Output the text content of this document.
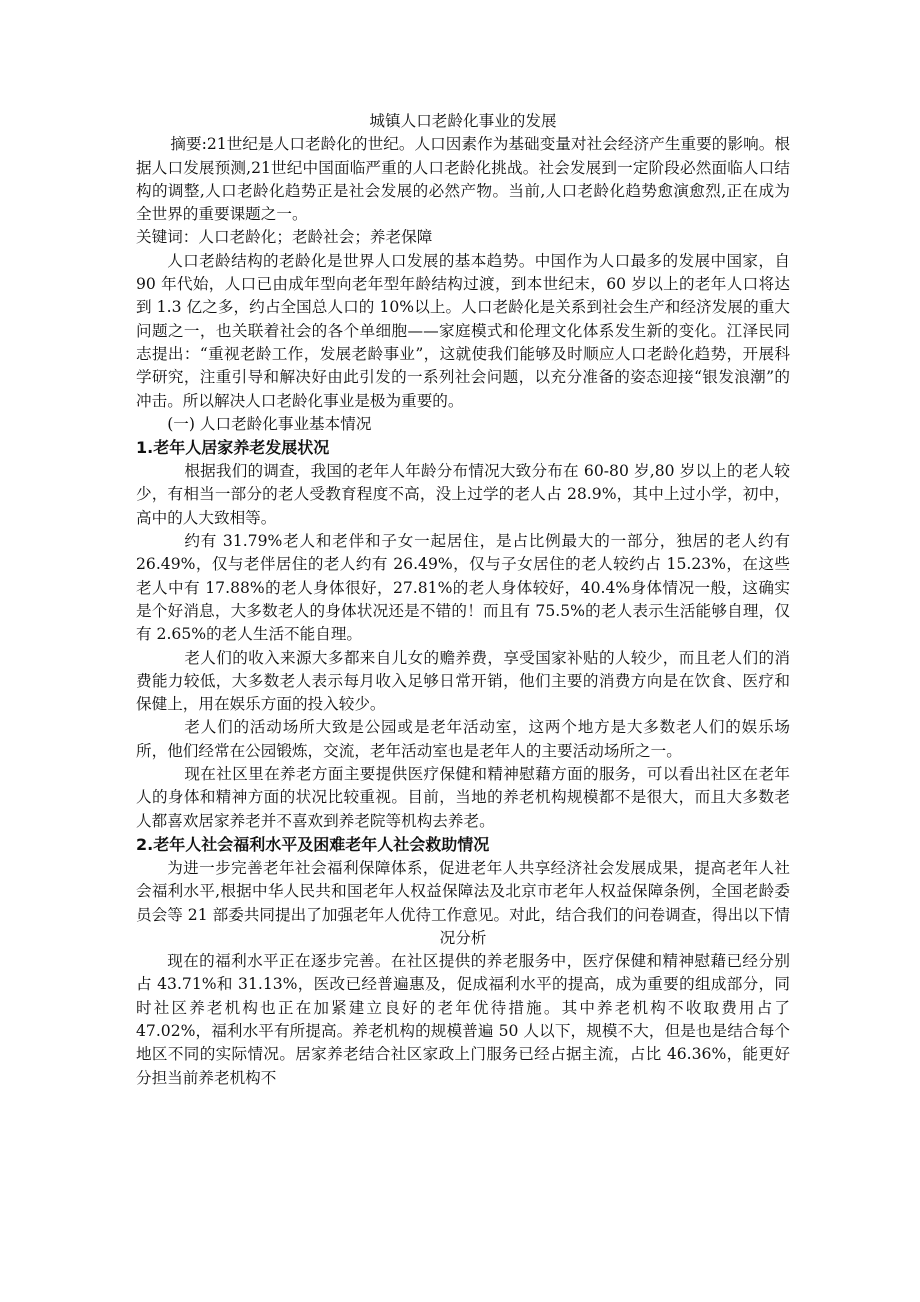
城镇人口老龄化事业的发展

摘要:21世纪是人口老龄化的世纪。人口因素作为基础变量对社会经济产生重要的影响。根据人口发展预测,21世纪中国面临严重的人口老龄化挑战。社会发展到一定阶段必然面临人口结构的调整,人口老龄化趋势正是社会发展的必然产物。当前,人口老龄化趋势愈演愈烈,正在成为全世界的重要课题之一。

关键词：人口老龄化；老龄社会；养老保障

人口老龄结构的老龄化是世界人口发展的基本趋势。中国作为人口最多的发展中国家，自 90 年代始，人口已由成年型向老年型年龄结构过渡，到本世纪末，60 岁以上的老年人口将达到 1.3 亿之多，约占全国总人口的 10%以上。人口老龄化是关系到社会生产和经济发展的重大问题之一，也关联着社会的各个单细胞——家庭模式和伦理文化体系发生新的变化。江泽民同志提出：“重视老龄工作，发展老龄事业”，这就使我们能够及时顺应人口老龄化趋势，开展科学研究，注重引导和解决好由此引发的一系列社会问题，以充分准备的姿态迎接“银发浪潮”的冲击。所以解决人口老龄化事业是极为重要的。

(一) 人口老龄化事业基本情况

1.老年人居家养老发展状况

根据我们的调查，我国的老年人年龄分布情况大致分布在 60-80 岁,80 岁以上的老人较少，有相当一部分的老人受教育程度不高，没上过学的老人占 28.9%，其中上过小学，初中，高中的人大致相等。

约有 31.79%老人和老伴和子女一起居住，是占比例最大的一部分，独居的老人约有 26.49%，仅与老伴居住的老人约有 26.49%，仅与子女居住的老人较约占 15.23%，在这些老人中有 17.88%的老人身体很好，27.81%的老人身体较好，40.4%身体情况一般，这确实是个好消息，大多数老人的身体状况还是不错的！而且有 75.5%的老人表示生活能够自理，仅有 2.65%的老人生活不能自理。

老人们的收入来源大多都来自儿女的赡养费，享受国家补贴的人较少，而且老人们的消费能力较低，大多数老人表示每月收入足够日常开销，他们主要的消费方向是在饮食、医疗和保健上，用在娱乐方面的投入较少。

老人们的活动场所大致是公园或是老年活动室，这两个地方是大多数老人们的娱乐场所，他们经常在公园锻炼，交流，老年活动室也是老年人的主要活动场所之一。

现在社区里在养老方面主要提供医疗保健和精神慰藉方面的服务，可以看出社区在老年人的身体和精神方面的状况比较重视。目前，当地的养老机构规模都不是很大，而且大多数老人都喜欢居家养老并不喜欢到养老院等机构去养老。

2.老年人社会福利水平及困难老年人社会救助情况

为进一步完善老年社会福利保障体系，促进老年人共享经济社会发展成果，提高老年人社会福利水平,根据中华人民共和国老年人权益保障法及北京市老年人权益保障条例，全国老龄委员会等 21 部委共同提出了加强老年人优待工作意见。对此，结合我们的问卷调查，得出以下情况分析

现在的福利水平正在逐步完善。在社区提供的养老服务中，医疗保健和精神慰藉已经分别占 43.71%和 31.13%，医改已经普遍惠及，促成福利水平的提高，成为重要的组成部分，同时社区养老机构也正在加紧建立良好的老年优待措施。其中养老机构不收取费用占了 47.02%，福利水平有所提高。养老机构的规模普遍 50 人以下，规模不大，但是也是结合每个地区不同的实际情况。居家养老结合社区家政上门服务已经占据主流，占比 46.36%，能更好分担当前养老机构不
